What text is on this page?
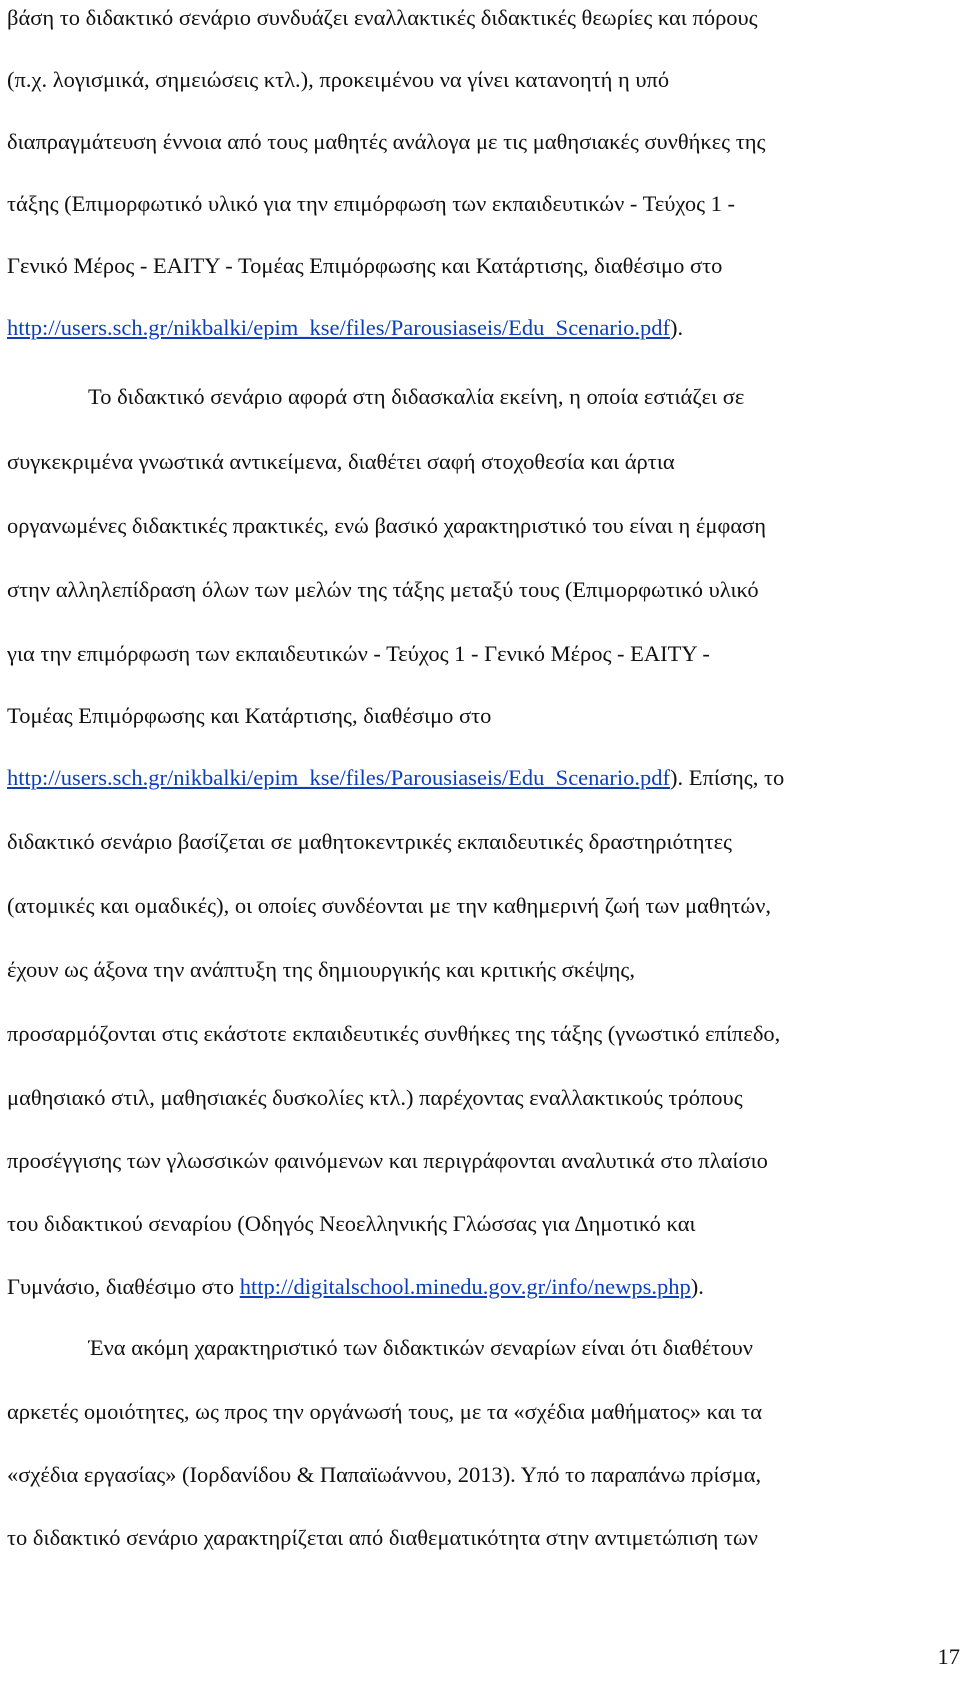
βάση το διδακτικό σενάριο συνδυάζει εναλλακτικές διδακτικές θεωρίες και πόρους
(π.χ. λογισμικά, σημειώσεις κτλ.), προκειμένου να γίνει κατανοητή η υπό
διαπραγμάτευση έννοια από τους μαθητές ανάλογα με τις μαθησιακές συνθήκες της
τάξης (Επιμορφωτικό υλικό για την επιμόρφωση των εκπαιδευτικών - Τεύχος 1 -
Γενικό Μέρος - ΕΑΙΤΥ - Τομέας Επιμόρφωσης και Κατάρτισης, διαθέσιμο στο
http://users.sch.gr/nikbalki/epim_kse/files/Parousiaseis/Edu_Scenario.pdf).
Το διδακτικό σενάριο αφορά στη διδασκαλία εκείνη, η οποία εστιάζει σε
συγκεκριμένα γνωστικά αντικείμενα, διαθέτει σαφή στοχοθεσία και άρτια
οργανωμένες διδακτικές πρακτικές, ενώ βασικό χαρακτηριστικό του είναι η έμφαση
στην αλληλεπίδραση όλων των μελών της τάξης μεταξύ τους (Επιμορφωτικό υλικό
για την επιμόρφωση των εκπαιδευτικών - Τεύχος 1 - Γενικό Μέρος - ΕΑΙΤΥ -
Τομέας Επιμόρφωσης και Κατάρτισης, διαθέσιμο στο
http://users.sch.gr/nikbalki/epim_kse/files/Parousiaseis/Edu_Scenario.pdf). Επίσης, το
διδακτικό σενάριο βασίζεται σε μαθητοκεντρικές εκπαιδευτικές δραστηριότητες
(ατομικές και ομαδικές), οι οποίες συνδέονται με την καθημερινή ζωή των μαθητών,
έχουν ως άξονα την ανάπτυξη της δημιουργικής και κριτικής σκέψης,
προσαρμόζονται στις εκάστοτε εκπαιδευτικές συνθήκες της τάξης (γνωστικό επίπεδο,
μαθησιακό στιλ, μαθησιακές δυσκολίες κτλ.) παρέχοντας εναλλακτικούς τρόπους
προσέγγισης των γλωσσικών φαινόμενων και περιγράφονται αναλυτικά στο πλαίσιο
του διδακτικού σεναρίου (Οδηγός Νεοελληνικής Γλώσσας για Δημοτικό και
Γυμνάσιο, διαθέσιμο στο http://digitalschool.minedu.gov.gr/info/newps.php).
Ένα ακόμη χαρακτηριστικό των διδακτικών σεναρίων είναι ότι διαθέτουν
αρκετές ομοιότητες, ως προς την οργάνωσή τους, με τα «σχέδια μαθήματος» και τα
«σχέδια εργασίας» (Ιορδανίδου & Παπαϊωάννου, 2013). Υπό το παραπάνω πρίσμα,
το διδακτικό σενάριο χαρακτηρίζεται από διαθεματικότητα στην αντιμετώπιση των
17
